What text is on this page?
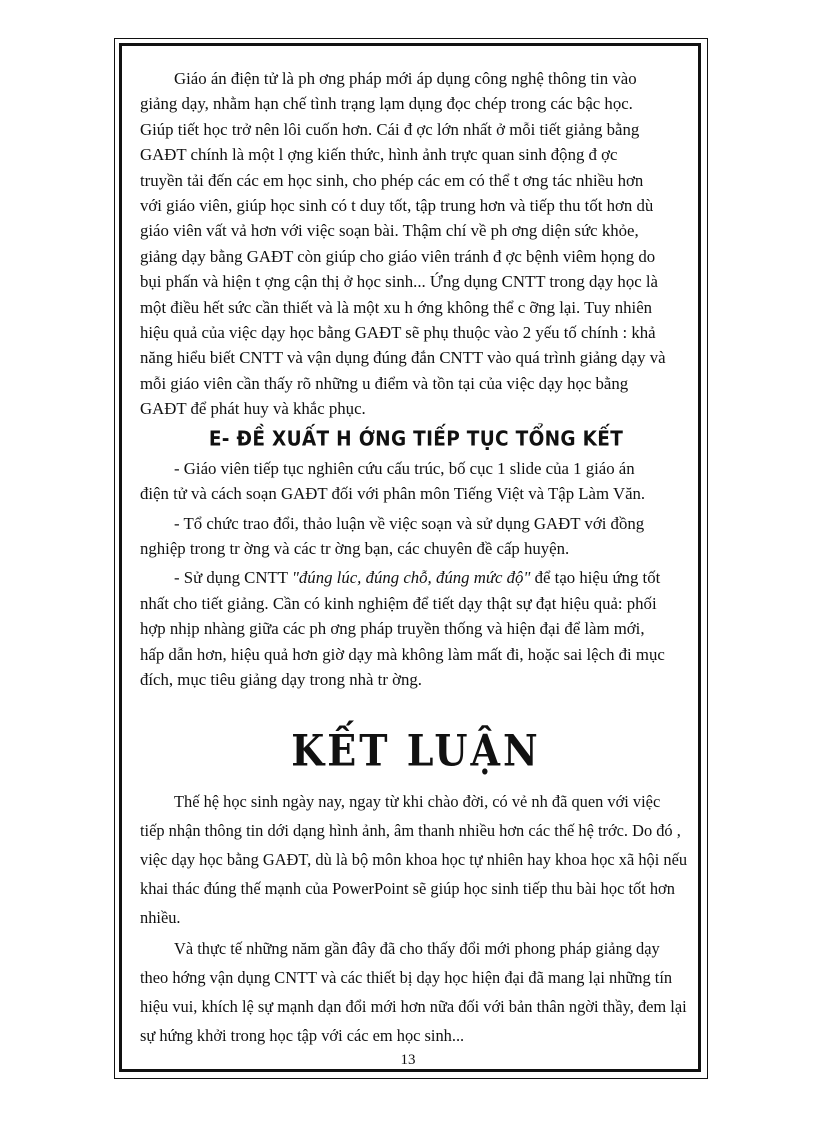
Giáo án điện tử là ph ơng pháp mới áp dụng công nghệ thông tin vào

giảng dạy, nhằm hạn chế tình trạng lạm dụng đọc chép trong các bậc học.

Giúp tiết học trở nên lôi cuốn hơn. Cái đ ợc lớn nhất ở mỗi tiết giảng bằng

GAĐT chính là một l ợng kiến thức, hình ảnh trực quan sinh động đ ợc

truyền tải đến các em học sinh, cho phép các em có thể t ơng tác nhiều hơn

với giáo viên, giúp học sinh có t duy tốt, tập trung hơn và tiếp thu tốt hơn dù

giáo viên vất vả hơn với việc soạn bài. Thậm chí về ph ơng diện sức khỏe,

giảng dạy bằng GAĐT còn giúp cho giáo viên tránh đ ợc bệnh viêm họng do

bụi phấn và hiện t ợng cận thị ở học sinh... Ứng dụng CNTT trong dạy học là

một điều hết sức cần thiết và là một xu h ớng không thể c ỡng lại. Tuy nhiên

hiệu quả của việc dạy học bằng GAĐT sẽ phụ thuộc vào 2 yếu tố chính : khả

năng hiểu biết CNTT và vận dụng đúng đắn CNTT vào quá trình giảng dạy và

mỗi giáo viên cần thấy rõ những u điểm và tồn tại của việc dạy học bằng

GAĐT để phát huy và khắc phục.

E- ĐỀ XUẤT H ỚNG TIẾP TỤC TỔNG KẾT

- Giáo viên tiếp tục nghiên cứu cấu trúc, bố cục 1 slide của 1 giáo án

điện tử và cách soạn GAĐT đối với phân môn Tiếng Việt và Tập Làm Văn.

- Tổ chức trao đổi, thảo luận về việc soạn và sử dụng GAĐT với đồng

nghiệp trong tr ờng và các tr ờng bạn, các chuyên đề cấp huyện.

- Sử dụng CNTT "đúng lúc, đúng chỗ, đúng mức độ" để tạo hiệu ứng tốt

nhất cho tiết giảng. Cần có kinh nghiệm để tiết dạy thật sự đạt hiệu quả: phối

hợp nhịp nhàng giữa các ph ơng pháp truyền thống và hiện đại để làm mới,

hấp dẫn hơn, hiệu quả hơn giờ dạy mà không làm mất đi, hoặc sai lệch đi mục

đích, mục tiêu giảng dạy trong nhà tr ờng.

KẾT LUẬN

Thế hệ học sinh ngày nay, ngay từ khi chào đời, có vẻ nh đã quen với việc

tiếp nhận thông tin dới dạng hình ảnh, âm thanh nhiều hơn các thế hệ trớc. Do đó ,

việc dạy học bằng GAĐT, dù là bộ môn khoa học tự nhiên hay khoa học xã hội nếu

khai thác đúng thế mạnh của PowerPoint sẽ giúp học sinh tiếp thu bài học tốt hơn

nhiều.

Và thực tế những năm gần đây đã cho thấy đổi mới phong pháp giảng dạy

theo hớng vận dụng CNTT và các thiết bị dạy học hiện đại đã mang lại những tín

hiệu vui, khích lệ sự mạnh dạn đổi mới hơn nữa đối với bản thân ngời thầy, đem lại

sự hứng khởi trong học tập với các em học sinh...

13
